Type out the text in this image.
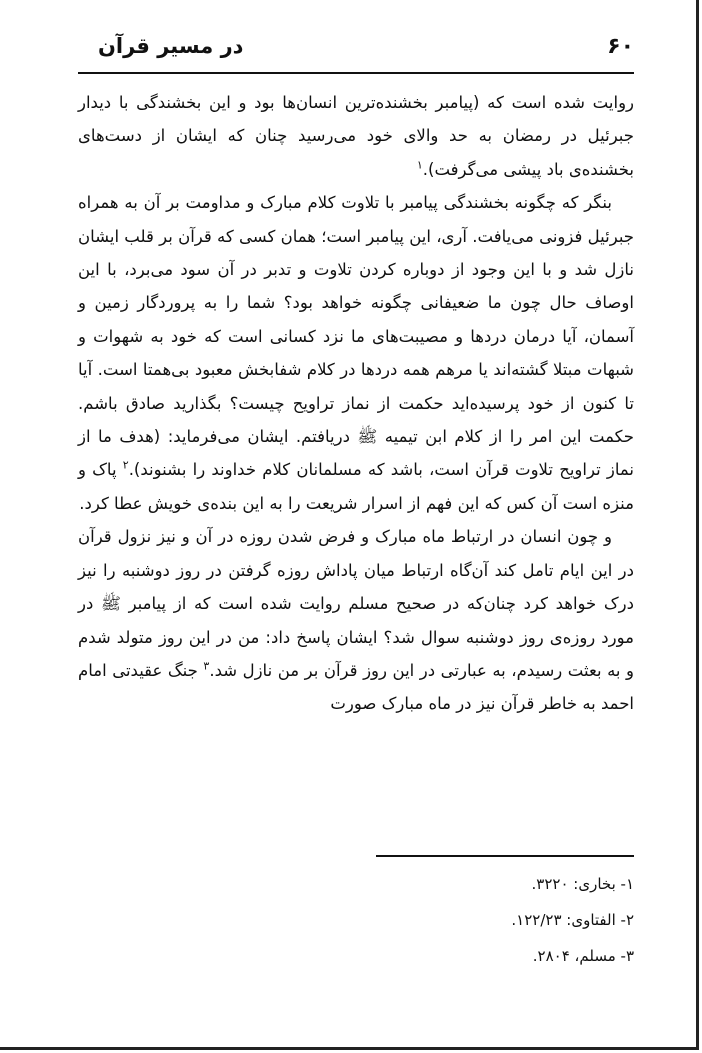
۶۰
در مسیر قرآن

روایت شده است که (پیامبر بخشنده‌ترین انسان‌ها بود و این بخشندگی با دیدار جبرئیل در رمضان به حد والای خود می‌رسید چنان که ایشان از دست‌های بخشنده‌ی باد پیشی می‌گرفت).$^۱$

بنگر که چگونه بخشندگی پیامبر با تلاوت کلام مبارک و مداومت بر آن به همراه جبرئیل فزونی می‌یافت. آری، این پیامبر است؛ همان کسی که قرآن بر قلب ایشان نازل شد و با این وجود از دوباره کردن تلاوت و تدبر در آن سود می‌برد، با این اوصاف حال چون ما ضعیفانی چگونه خواهد بود؟ شما را به پروردگار زمین و آسمان، آیا درمان دردها و مصیبت‌های ما نزد کسانی است که خود به شهوات و شبهات مبتلا گشته‌اند یا مرهم همه دردها در کلام شفابخش معبود بی‌همتا است. آیا تا کنون از خود پرسیده‌اید حکمت از نماز تراویح چیست؟ بگذارید صادق باشم. حکمت این امر را از کلام ابن تیمیه ﷺ دریافتم. ایشان می‌فرماید: (هدف ما از نماز تراویح تلاوت قرآن است، باشد که مسلمانان کلام خداوند را بشنوند).$^۲$ پاک و منزه است آن کس که این فهم از اسرار شریعت را به این بنده‌ی خویش عطا کرد.

و چون انسان در ارتباط ماه مبارک و فرض شدن روزه در آن و نیز نزول قرآن در این ایام تامل کند آن‌گاه ارتباط میان پاداش روزه گرفتن در روز دوشنبه را نیز درک خواهد کرد چنان‌که در صحیح مسلم روایت شده است که از پیامبر ﷺ در مورد روزه‌ی روز دوشنبه سوال شد؟ ایشان پاسخ داد: من در این روز متولد شدم و به بعثت رسیدم، به عبارتی در این روز قرآن بر من نازل شد.$^۳$ جنگ عقیدتی امام احمد به خاطر قرآن نیز در ماه مبارک صورت

۱- بخاری: ۳۲۲۰.
۲- الفتاوی: ۱۲۲/۲۳.
۳- مسلم، ۲۸۰۴.
